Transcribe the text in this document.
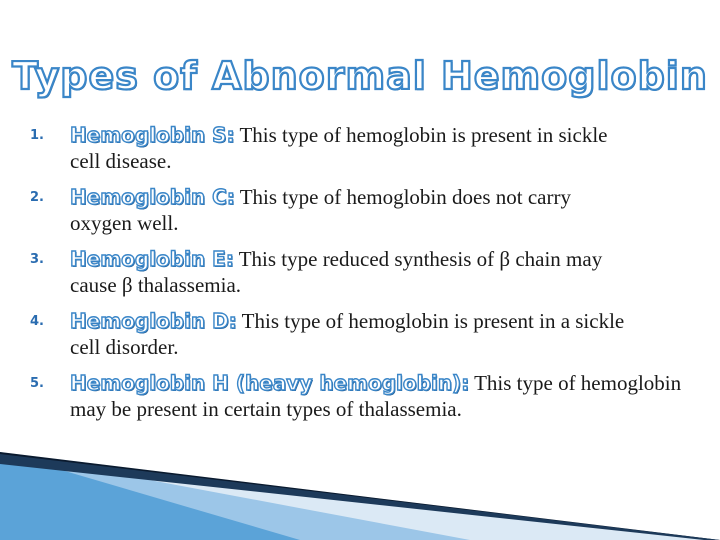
Types of Abnormal Hemoglobin
1.	Hemoglobin S: This type of hemoglobin is present in sickle
cell disease.
2.	Hemoglobin C: This type of hemoglobin does not carry
oxygen well.
3.	Hemoglobin E: This type reduced synthesis of β chain may
cause β thalassemia.
4.	Hemoglobin D: This type of hemoglobin is present in a sickle
cell disorder.
5.	Hemoglobin H (heavy hemoglobin): This type of hemoglobin
may be present in certain types of thalassemia.
